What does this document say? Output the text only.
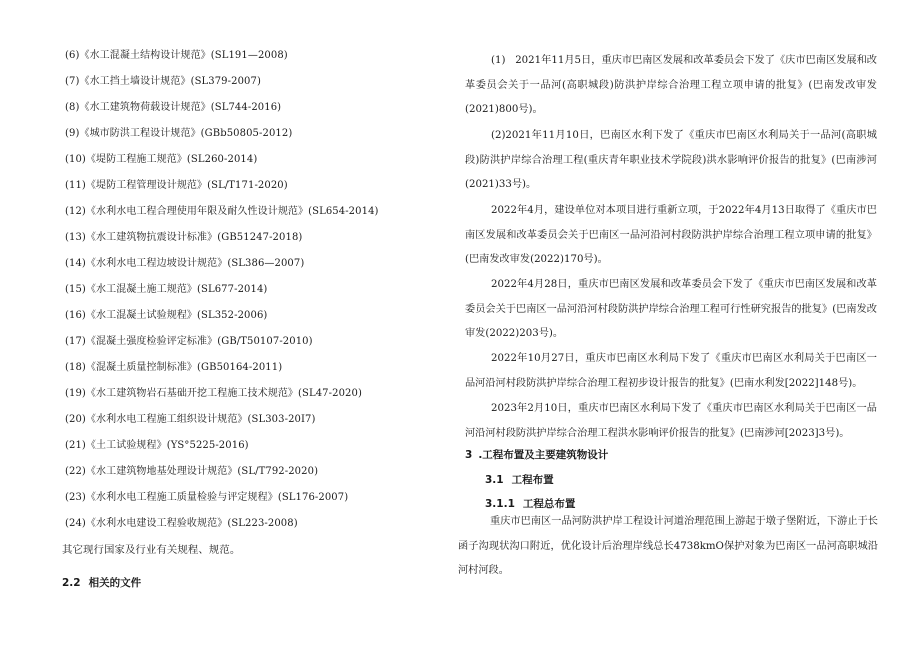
(6)《水工混凝土结构设计规范》(SL191—2008)
(7)《水工挡土墙设计规范》(SL379-2007)
(8)《水工建筑物荷载设计规范》(SL744-2016)
(9)《城市防洪工程设计规范》(GBb50805-2012)
(10)《堤防工程施工规范》(SL260-2014)
(11)《堤防工程管理设计规范》(SL/T171-2020)
(12)《水利水电工程合理使用年限及耐久性设计规范》(SL654-2014)
(13)《水工建筑物抗震设计标准》(GB51247-2018)
(14)《水利水电工程边坡设计规范》(SL386—2007)
(15)《水工混凝土施工规范》(SL677-2014)
(16)《水工混凝土试验规程》(SL352-2006)
(17)《混凝土强度检验评定标准》(GB/T50107-2010)
(18)《混凝土质量控制标准》(GB50164-2011)
(19)《水工建筑物岩石基础开挖工程施工技术规范》(SL47-2020)
(20)《水利水电工程施工组织设计规范》(SL303-20I7)
(21)《土工试验规程》(YS°5225-2016)
(22)《水工建筑物地基处理设计规范》(SL/T792-2020)
(23)《水利水电工程施工质量检验与评定规程》(SL176-2007)
(24)《水利水电建设工程验收规范》(SL223-2008)
其它现行国家及行业有关规程、规范。
2.2 相关的文件

(1)   2021年11月5日，重庆市巴南区发展和改革委员会下发了《庆市巴南区发展和改革委员会关于一品河(高职城段)防洪护岸综合治理工程立项申请的批复》(巴南发改审发(2021)800号)。

(2)2021年11月10日，巴南区水利下发了《重庆市巴南区水利局关于一品河(高职城段)防洪护岸综合治理工程(重庆青年职业技术学院段)洪水影响评价报告的批复》(巴南涉河(2021)33号)。

2022年4月，建设单位对本项目进行重新立项，于2022年4月13日取得了《重庆市巴南区发展和改革委员会关于巴南区一品河沿河村段防洪护岸综合治理工程立项申请的批复》(巴南发改审发(2022)170号)。

2022年4月28日，重庆市巴南区发展和改革委员会下发了《重庆市巴南区发展和改革委员会关于巴南区一品河沿河村段防洪护岸综合治理工程可行性研究报告的批复》(巴南发改审发(2022)203号)。

2022年10月27日，重庆市巴南区水利局下发了《重庆市巴南区水利局关于巴南区一品河沿河村段防洪护岸综合治理工程初步设计报告的批复》(巴南水利发[2022]148号)。

2023年2月10日，重庆市巴南区水利局下发了《重庆市巴南区水利局关于巴南区一品河沿河村段防洪护岸综合治理工程洪水影响评价报告的批复》(巴南涉河[2023]3号)。

3 .工程布置及主要建筑物设计
3.1 工程布置
3.1.1 工程总布置

重庆市巴南区一品河防洪护岸工程设计河道治理范围上游起于墩子堡附近，下游止于长函子沟现状沟口附近，优化设计后治理岸线总长4738kmO保护对象为巴南区一品河高职城沿河村河段。
